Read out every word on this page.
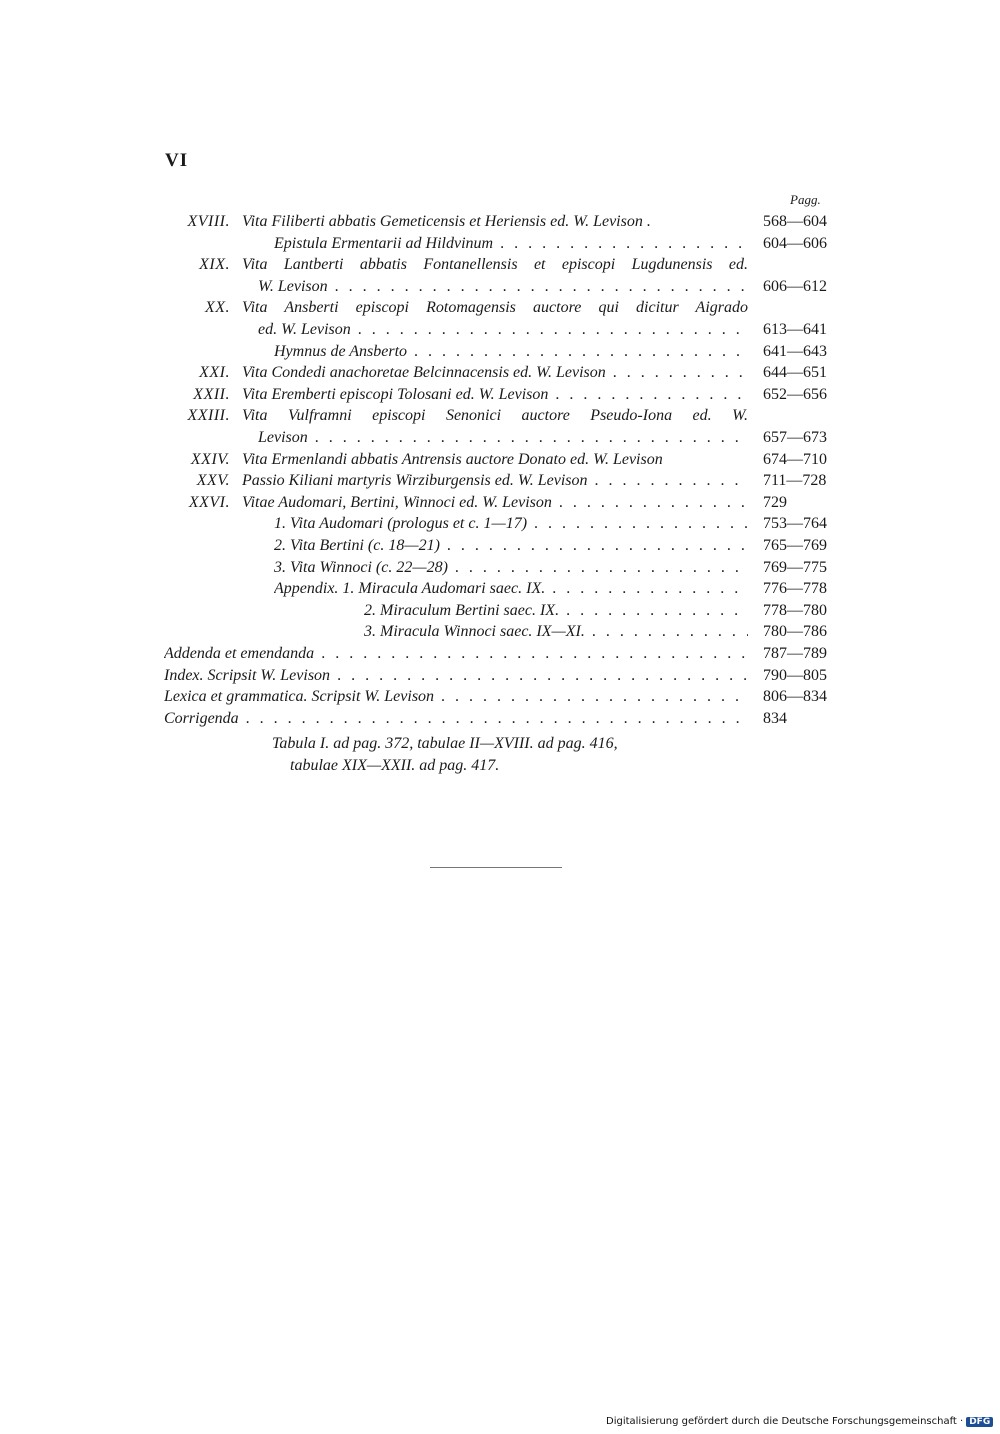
VI
Pagg.
XVIII. Vita Filiberti abbatis Gemeticensis et Heriensis ed. W. Levison .	568—604
Epistula Ermentarii ad Hildvinum . . .	604—606
XIX. Vita Lantberti abbatis Fontanellensis et episcopi Lugdunensis ed.
W. Levison . . .	606—612
XX. Vita Ansberti episcopi Rotomagensis auctore qui dicitur Aigrado
ed. W. Levison . . .	613—641
Hymnus de Ansberto . . .	641—643
XXI. Vita Condedi anachoretae Belcinnacensis ed. W. Levison . . .	644—651
XXII. Vita Eremberti episcopi Tolosani ed. W. Levison . . .	652—656
XXIII. Vita Vulframni episcopi Senonici auctore Pseudo-Iona ed. W.
Levison . . .	657—673
XXIV. Vita Ermenlandi abbatis Antrensis auctore Donato ed. W. Levison	674—710
XXV. Passio Kiliani martyris Wirziburgensis ed. W. Levison . . .	711—728
XXVI. Vitae Audomari, Bertini, Winnoci ed. W. Levison . . .	729
1. Vita Audomari (prologus et c. 1—17) . . .	753—764
2. Vita Bertini (c. 18—21) . . .	765—769
3. Vita Winnoci (c. 22—28) . . .	769—775
Appendix. 1. Miracula Audomari saec. IX. . . .	776—778
2. Miraculum Bertini saec. IX. . . .	778—780
3. Miracula Winnoci saec. IX—XI. . . .	780—786
Addenda et emendanda . . .	787—789
Index. Scripsit W. Levison . . .	790—805
Lexica et grammatica. Scripsit W. Levison . . .	806—834
Corrigenda . . .	834
Tabula I. ad pag. 372, tabulae II—XVIII. ad pag. 416,
tabulae XIX—XXII. ad pag. 417.
Digitalisierung gefördert durch die Deutsche Forschungsgemeinschaft · DFG
